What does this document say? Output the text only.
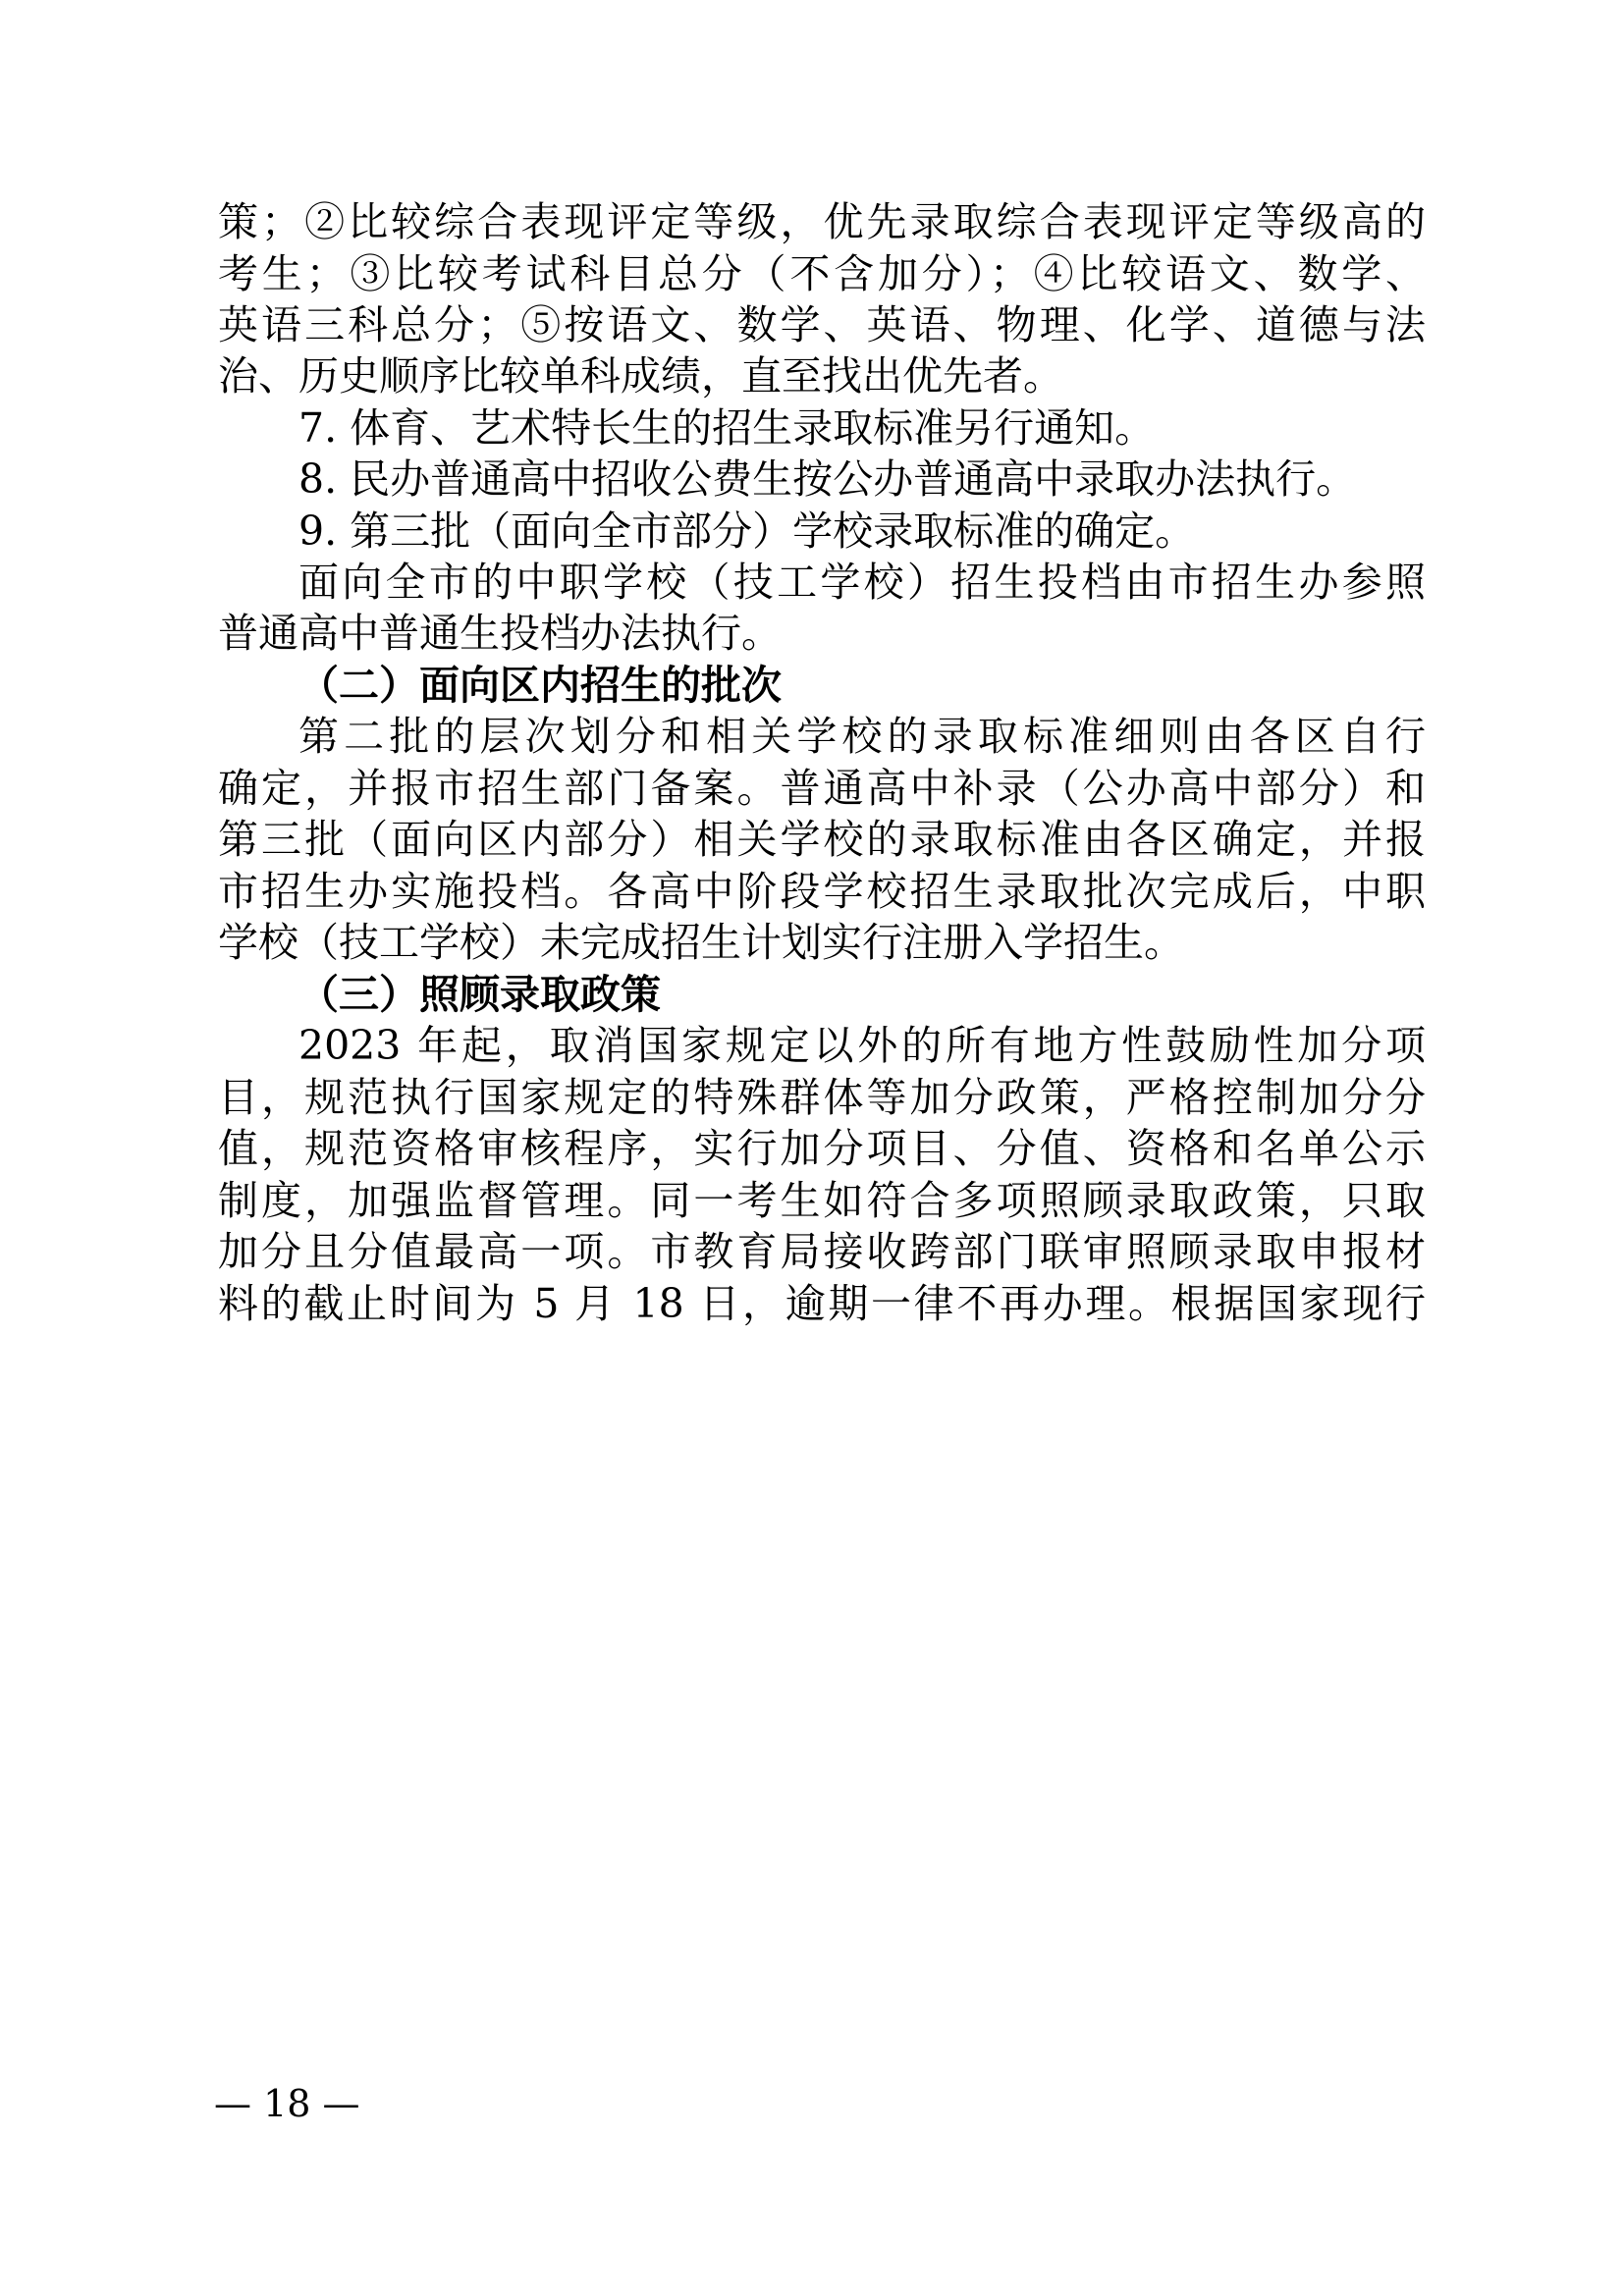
策；②比较综合表现评定等级，优先录取综合表现评定等级高的
考生；③比较考试科目总分（不含加分）；④比较语文、数学、
英语三科总分；⑤按语文、数学、英语、物理、化学、道德与法
治、历史顺序比较单科成绩，直至找出优先者。
7. 体育、艺术特长生的招生录取标准另行通知。
8. 民办普通高中招收公费生按公办普通高中录取办法执行。
9. 第三批（面向全市部分）学校录取标准的确定。
面向全市的中职学校（技工学校）招生投档由市招生办参照
普通高中普通生投档办法执行。
（二）面向区内招生的批次
第二批的层次划分和相关学校的录取标准细则由各区自行
确定，并报市招生部门备案。普通高中补录（公办高中部分）和
第三批（面向区内部分）相关学校的录取标准由各区确定，并报
市招生办实施投档。各高中阶段学校招生录取批次完成后，中职
学校（技工学校）未完成招生计划实行注册入学招生。
（三）照顾录取政策
2023 年起，取消国家规定以外的所有地方性鼓励性加分项
目，规范执行国家规定的特殊群体等加分政策，严格控制加分分
值，规范资格审核程序，实行加分项目、分值、资格和名单公示
制度，加强监督管理。同一考生如符合多项照顾录取政策，只取
加分且分值最高一项。市教育局接收跨部门联审照顾录取申报材
料的截止时间为 5 月 18 日，逾期一律不再办理。根据国家现行
— 18 —
